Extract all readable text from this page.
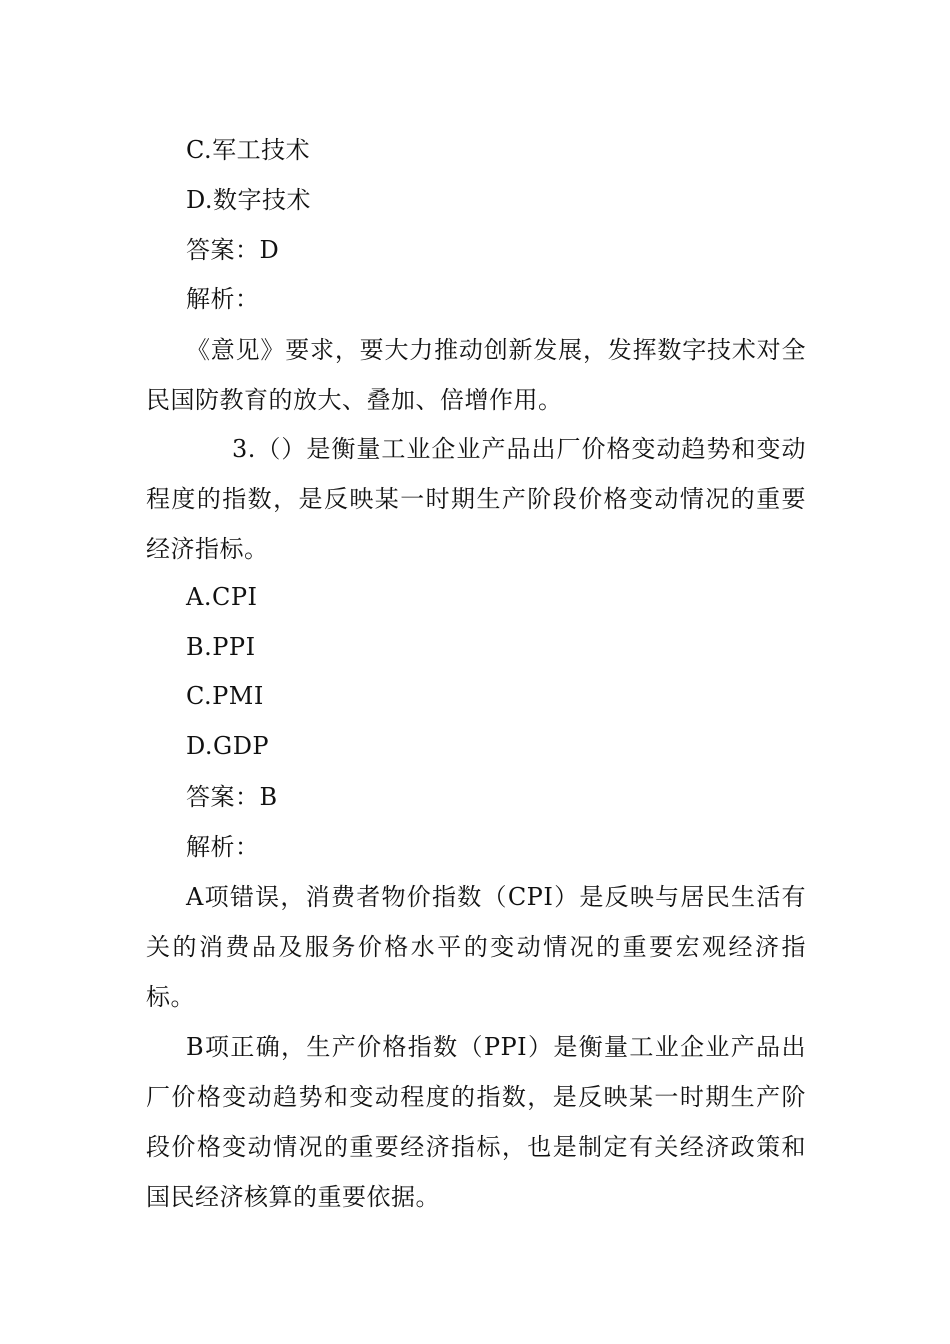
C.军工技术
D.数字技术
答案：D
解析：
《意见》要求，要大力推动创新发展，发挥数字技术对全民国防教育的放大、叠加、倍增作用。
3.（）是衡量工业企业产品出厂价格变动趋势和变动程度的指数，是反映某一时期生产阶段价格变动情况的重要经济指标。
A.CPI
B.PPI
C.PMI
D.GDP
答案：B
解析：
A项错误，消费者物价指数（CPI）是反映与居民生活有关的消费品及服务价格水平的变动情况的重要宏观经济指标。
B项正确，生产价格指数（PPI）是衡量工业企业产品出厂价格变动趋势和变动程度的指数，是反映某一时期生产阶段价格变动情况的重要经济指标，也是制定有关经济政策和国民经济核算的重要依据。
